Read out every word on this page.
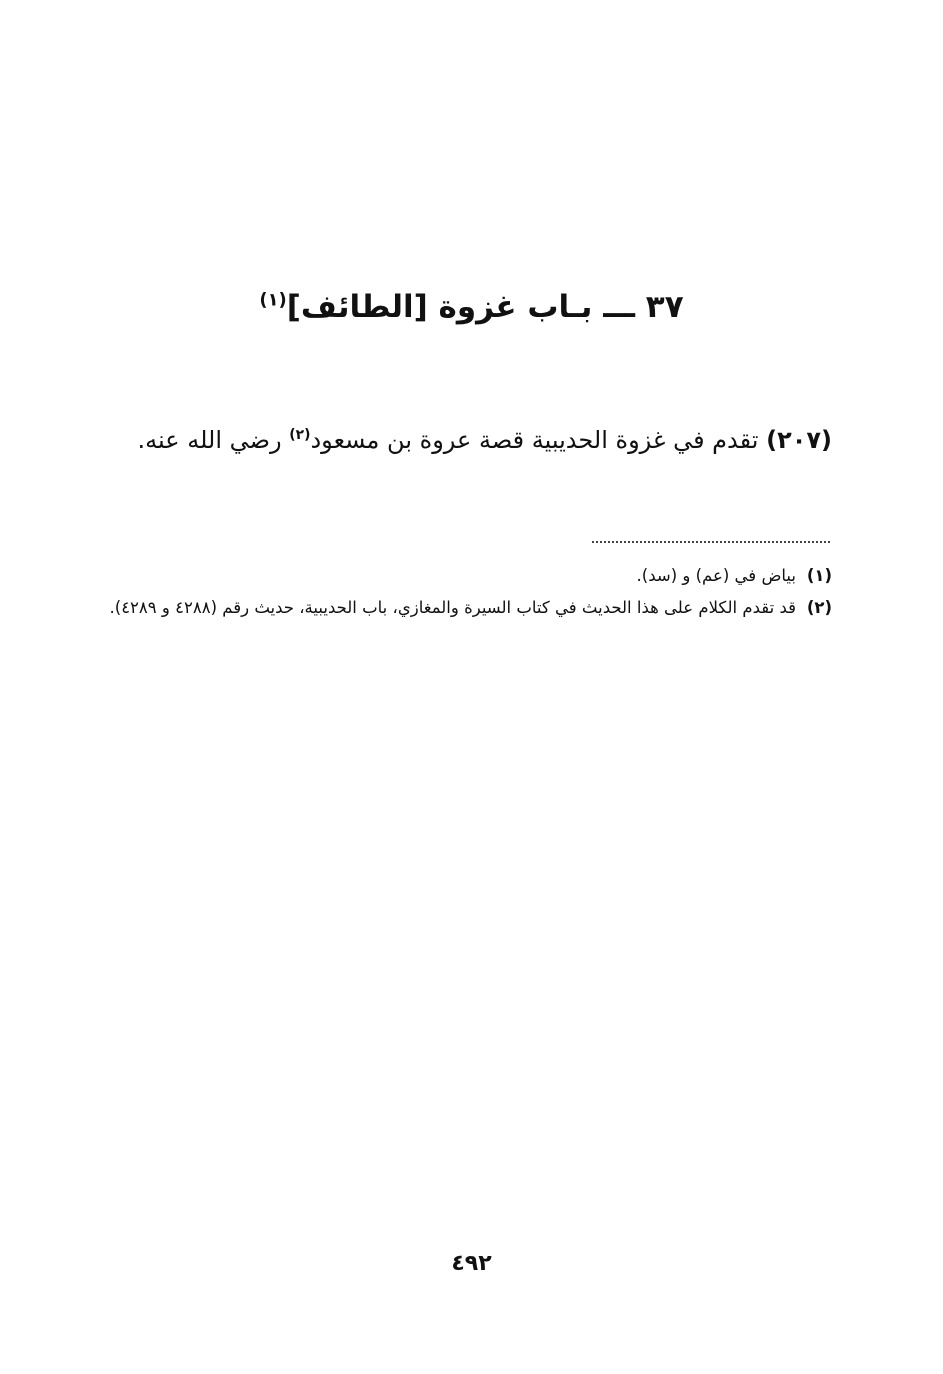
٣٧ ـــ بـاب غزوة [الطائف]$^{(١)}$
(٢٠٧) تقدم في غزوة الحديبية قصة عروة بن مسعود$^{(٢)}$ رضي الله عنه.
(١)
بياض في (عم) و (سد).
(٢)
قد تقدم الكلام على هذا الحديث في كتاب السيرة والمغازي، باب الحديبية، حديث رقم (٤٢٨٨ و ٤٢٨٩).
٤٩٢
